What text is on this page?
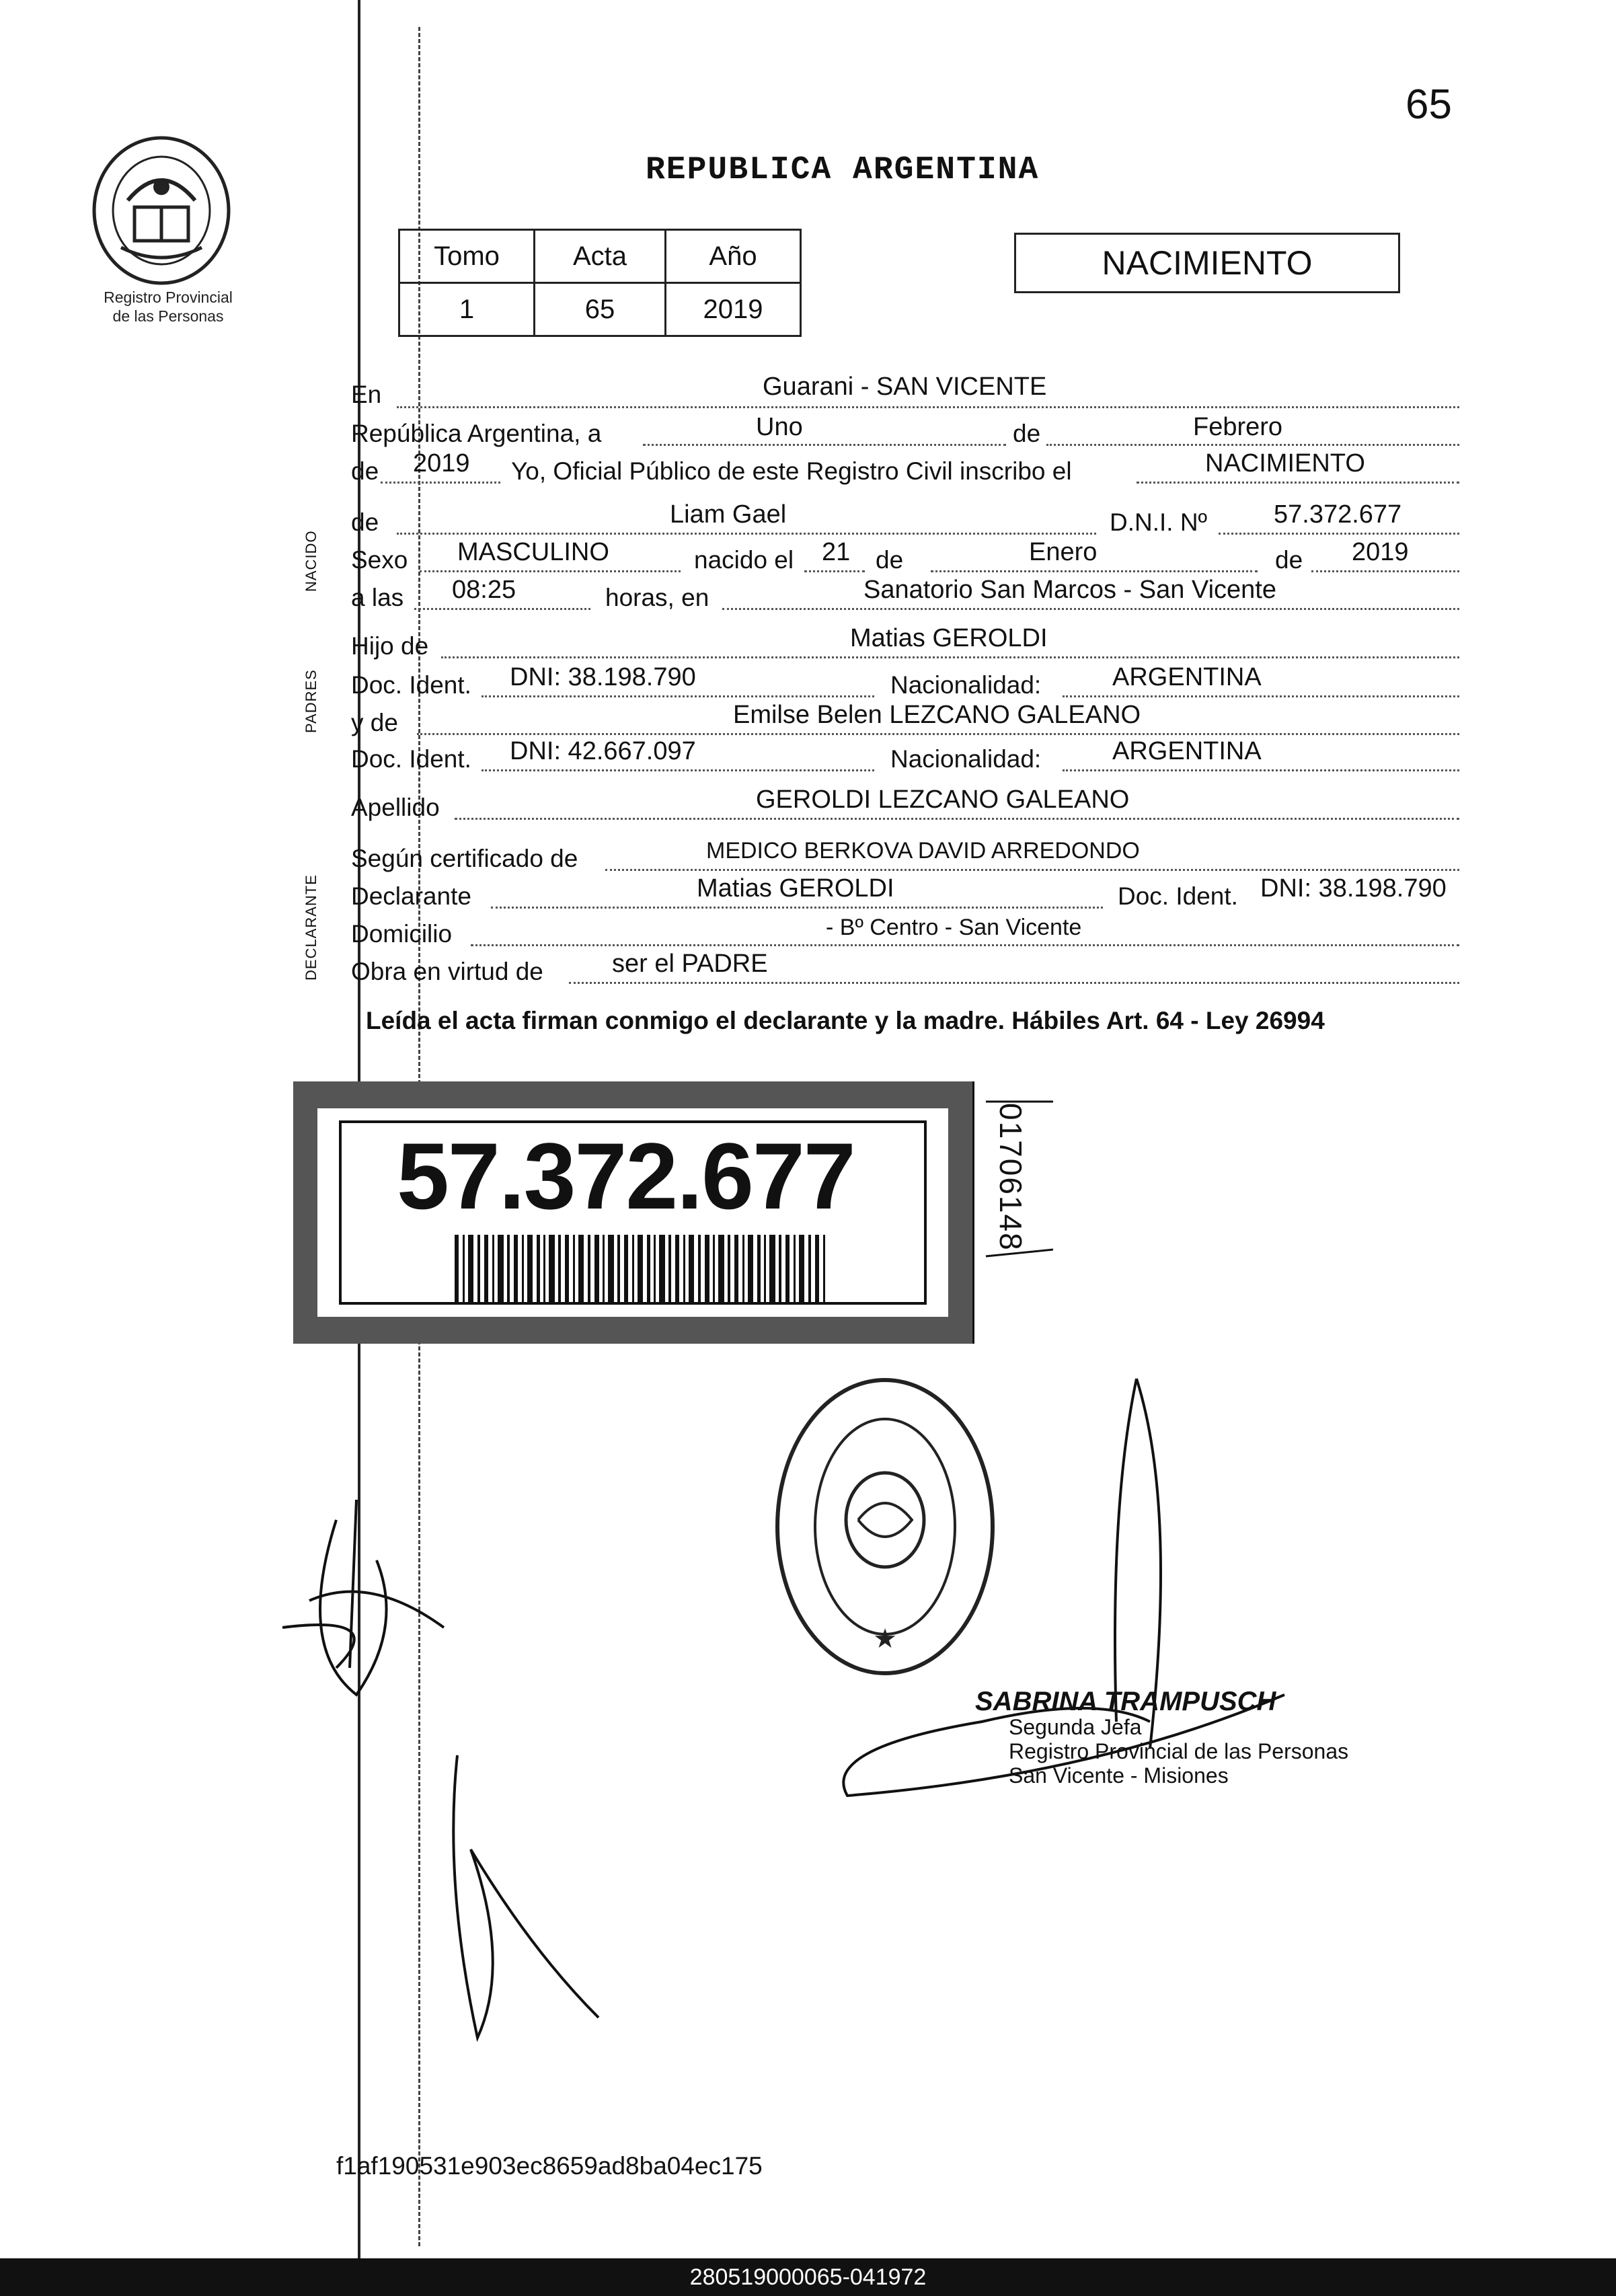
65
Registro Provincial
de las Personas
REPUBLICA ARGENTINA
Tomo	Acta	Año
1	65	2019
NACIMIENTO
NACIDO
PADRES
DECLARANTE
En	Guarani - SAN VICENTE
República Argentina, a	Uno	de	Febrero
de 2019 Yo, Oficial Público de este Registro Civil inscribo el	NACIMIENTO
de	Liam Gael	D.N.I. Nº	57.372.677
Sexo MASCULINO	nacido el 21 de	Enero	de 2019
a las 08:25	horas, en	Sanatorio San Marcos - San Vicente
Hijo de	Matias GEROLDI
Doc. Ident. DNI: 38.198.790	Nacionalidad:	ARGENTINA
y de	Emilse Belen LEZCANO GALEANO
Doc. Ident. DNI: 42.667.097	Nacionalidad:	ARGENTINA
Apellido	GEROLDI LEZCANO GALEANO
Según certificado de	MEDICO BERKOVA DAVID ARREDONDO
Declarante	Matias GEROLDI	Doc. Ident. DNI: 38.198.790
Domicilio	- Bº Centro - San Vicente
Obra en virtud de	ser el PADRE
Leída el acta firman conmigo el declarante y la madre. Hábiles Art. 64 - Ley 26994
57.372.677	01706148
★
SABRINA TRAMPUSCH
Segunda Jefa
Registro Provincial de las Personas
San Vicente - Misiones
f1af190531e903ec8659ad8ba04ec175
280519000065-041972
